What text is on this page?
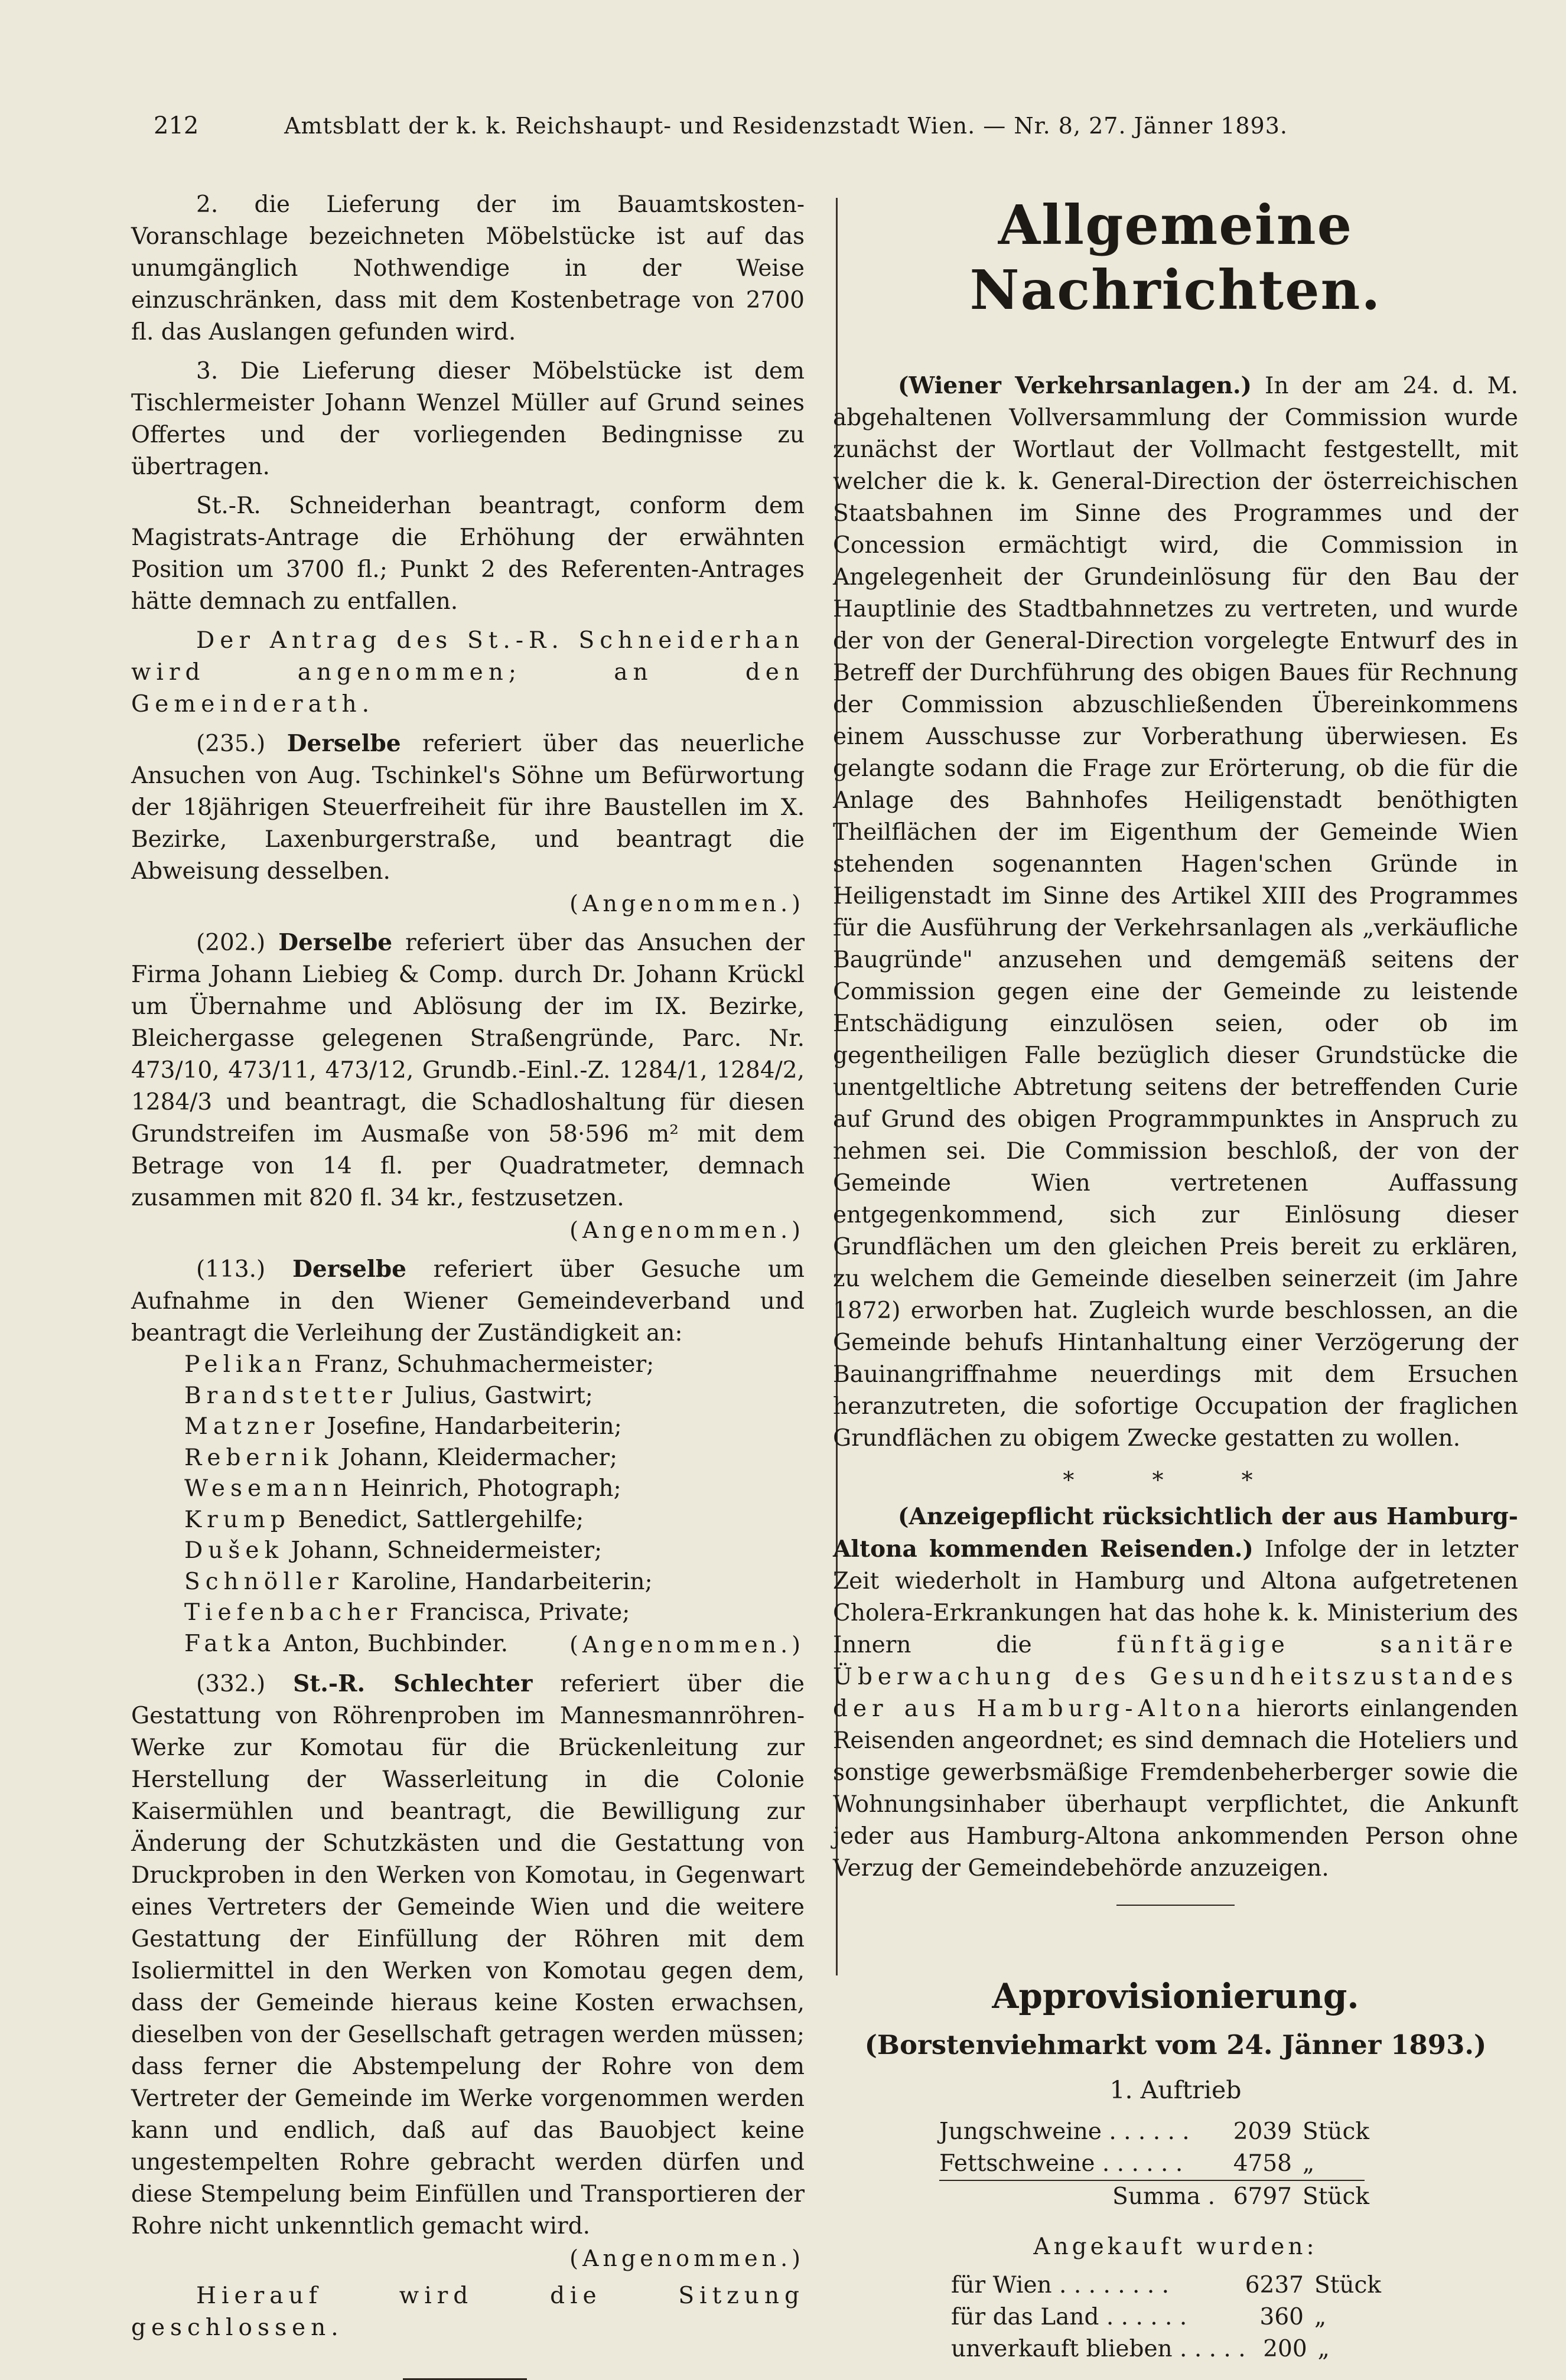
212	Amtsblatt der k. k. Reichshaupt- und Residenzstadt Wien. — Nr. 8, 27. Jänner 1893.

2. die Lieferung der im Bauamtskosten-Voranschlage bezeichneten Möbelstücke ist auf das unumgänglich Nothwendige in der Weise einzuschränken, dass mit dem Kostenbetrage von 2700 fl. das Auslangen gefunden wird.

3. Die Lieferung dieser Möbelstücke ist dem Tischlermeister Johann Wenzel Müller auf Grund seines Offertes und der vorliegenden Bedingnisse zu übertragen.

St.-R. Schneiderhan beantragt, conform dem Magistrats-Antrage die Erhöhung der erwähnten Position um 3700 fl.; Punkt 2 des Referenten-Antrages hätte demnach zu entfallen.

Der Antrag des St.-R. Schneiderhan wird angenommen; an den Gemeinderath.

(235.) Derselbe referiert über das neuerliche Ansuchen von Aug. Tschinkel's Söhne um Befürwortung der 18jährigen Steuerfreiheit für ihre Baustellen im X. Bezirke, Laxenburgerstraße, und beantragt die Abweisung desselben.

(Angenommen.)

(202.) Derselbe referiert über das Ansuchen der Firma Johann Liebieg & Comp. durch Dr. Johann Krückl um Übernahme und Ablösung der im IX. Bezirke, Bleichergasse gelegenen Straßengründe, Parc. Nr. 473/10, 473/11, 473/12, Grundb.-Einl.-Z. 1284/1, 1284/2, 1284/3 und beantragt, die Schadloshaltung für diesen Grundstreifen im Ausmaße von 58·596 m² mit dem Betrage von 14 fl. per Quadratmeter, demnach zusammen mit 820 fl. 34 kr., festzusetzen.

(Angenommen.)

(113.) Derselbe referiert über Gesuche um Aufnahme in den Wiener Gemeindeverband und beantragt die Verleihung der Zuständigkeit an:

Pelikan Franz, Schuhmachermeister;
Brandstetter Julius, Gastwirt;
Matzner Josefine, Handarbeiterin;
Rebernik Johann, Kleidermacher;
Wesemann Heinrich, Photograph;
Krump Benedict, Sattlergehilfe;
Dušek Johann, Schneidermeister;
Schnöller Karoline, Handarbeiterin;
Tiefenbacher Francisca, Private;
Fatka Anton, Buchbinder.	(Angenommen.)

(332.) St.-R. Schlechter referiert über die Gestattung von Röhrenproben im Mannesmannröhren-Werke zur Komotau für die Brückenleitung zur Herstellung der Wasserleitung in die Colonie Kaisermühlen und beantragt, die Bewilligung zur Änderung der Schutzkästen und die Gestattung von Druckproben in den Werken von Komotau, in Gegenwart eines Vertreters der Gemeinde Wien und die weitere Gestattung der Einfüllung der Röhren mit dem Isoliermittel in den Werken von Komotau gegen dem, dass der Gemeinde hieraus keine Kosten erwachsen, dieselben von der Gesellschaft getragen werden müssen; dass ferner die Abstempelung der Rohre von dem Vertreter der Gemeinde im Werke vorgenommen werden kann und endlich, daß auf das Bauobject keine ungestempelten Rohre gebracht werden dürfen und diese Stempelung beim Einfüllen und Transportieren der Rohre nicht unkenntlich gemacht wird.

(Angenommen.)

Hierauf wird die Sitzung geschlossen.

Allgemeine Nachrichten.

(Wiener Verkehrsanlagen.) In der am 24. d. M. abgehaltenen Vollversammlung der Commission wurde zunächst der Wortlaut der Vollmacht festgestellt, mit welcher die k. k. General-Direction der österreichischen Staatsbahnen im Sinne des Programmes und der Concession ermächtigt wird, die Commission in Angelegenheit der Grundeinlösung für den Bau der Hauptlinie des Stadtbahnnetzes zu vertreten, und wurde der von der General-Direction vorgelegte Entwurf des in Betreff der Durchführung des obigen Baues für Rechnung der Commission abzuschließenden Übereinkommens einem Ausschusse zur Vorberathung überwiesen. Es gelangte sodann die Frage zur Erörterung, ob die für die Anlage des Bahnhofes Heiligenstadt benöthigten Theilflächen der im Eigenthum der Gemeinde Wien stehenden sogenannten Hagen'schen Gründe in Heiligenstadt im Sinne des Artikel XIII des Programmes für die Ausführung der Verkehrsanlagen als „verkäufliche Baugründe" anzusehen und demgemäß seitens der Commission gegen eine der Gemeinde zu leistende Entschädigung einzulösen seien, oder ob im gegentheiligen Falle bezüglich dieser Grundstücke die unentgeltliche Abtretung seitens der betreffenden Curie auf Grund des obigen Programmpunktes in Anspruch zu nehmen sei. Die Commission beschloß, der von der Gemeinde Wien vertretenen Auffassung entgegenkommend, sich zur Einlösung dieser Grundflächen um den gleichen Preis bereit zu erklären, zu welchem die Gemeinde dieselben seinerzeit (im Jahre 1872) erworben hat. Zugleich wurde beschlossen, an die Gemeinde behufs Hintanhaltung einer Verzögerung der Bauinangriffnahme neuerdings mit dem Ersuchen heranzutreten, die sofortige Occupation der fraglichen Grundflächen zu obigem Zwecke gestatten zu wollen.

* * *

(Anzeigepflicht rücksichtlich der aus Hamburg-Altona kommenden Reisenden.) Infolge der in letzter Zeit wiederholt in Hamburg und Altona aufgetretenen Cholera-Erkrankungen hat das hohe k. k. Ministerium des Innern die fünftägige sanitäre Überwachung des Gesundheitszustandes der aus Hamburg-Altona hierorts einlangenden Reisenden angeordnet; es sind demnach die Hoteliers und sonstige gewerbsmäßige Fremdenbeherberger sowie die Wohnungsinhaber überhaupt verpflichtet, die Ankunft jeder aus Hamburg-Altona ankommenden Person ohne Verzug der Gemeindebehörde anzuzeigen.

Approvisionierung.
(Borstenviehmarkt vom 24. Jänner 1893.)
1. Auftrieb
Jungschweine . . . . . .	2039 Stück
Fettschweine . . . . . .	4758 „
Summa . 6797 Stück
Angekauft wurden:
für Wien . . . . . . . .	6237 Stück
für das Land . . . . . .	360 „
unverkauft blieben . . . . . 200 „
